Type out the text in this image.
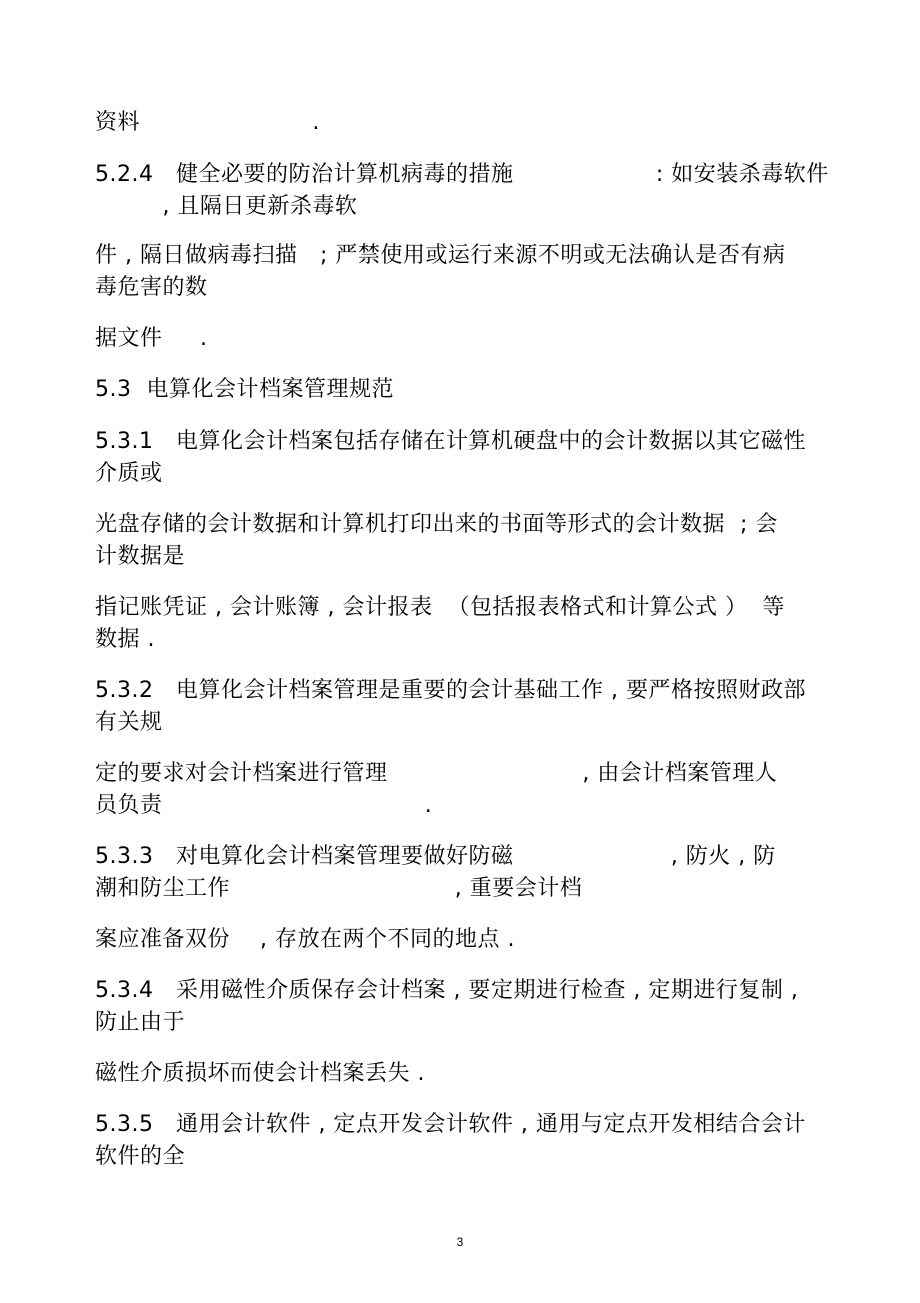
资料                       .
5.2.4   健全必要的防治计算机病毒的措施                   : 如安装杀毒软件
, 且隔日更新杀毒软
件 , 隔日做病毒扫描   ; 严禁使用或运行来源不明或无法确认是否有病
毒危害的数
据文件     .
5.3  电算化会计档案管理规范
5.3.1   电算化会计档案包括存储在计算机硬盘中的会计数据以其它磁性
介质或
光盘存储的会计数据和计算机打印出来的书面等形式的会计数据  ; 会
计数据是
指记账凭证 , 会计账簿 , 会计报表  （包括报表格式和计算公式 ）  等
数据 .
5.3.2   电算化会计档案管理是重要的会计基础工作 , 要严格按照财政部
有关规
定的要求对会计档案进行管理                          , 由会计档案管理人
员负责                                   .
5.3.3   对电算化会计档案管理要做好防磁                     , 防火 , 防
潮和防尘工作                              , 重要会计档
案应准备双份    , 存放在两个不同的地点 .
5.3.4   采用磁性介质保存会计档案 , 要定期进行检查 , 定期进行复制 ,
防止由于
磁性介质损坏而使会计档案丢失 .
5.3.5   通用会计软件 , 定点开发会计软件 , 通用与定点开发相结合会计
软件的全
3
